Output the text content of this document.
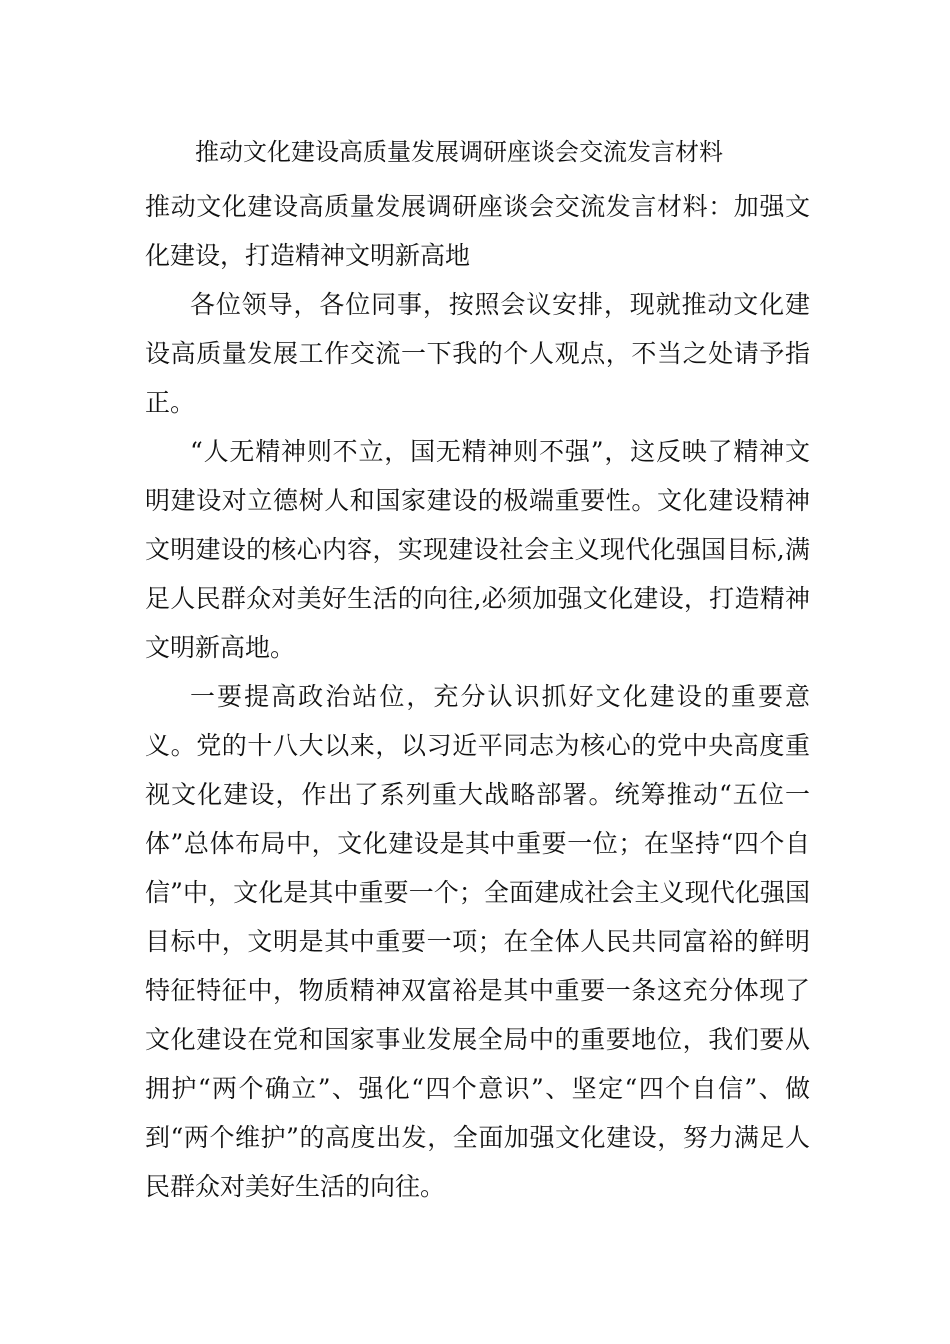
推动文化建设高质量发展调研座谈会交流发言材料

推动文化建设高质量发展调研座谈会交流发言材料：加强文化建设，打造精神文明新高地

各位领导，各位同事，按照会议安排，现就推动文化建设高质量发展工作交流一下我的个人观点，不当之处请予指正。

“人无精神则不立，国无精神则不强”，这反映了精神文明建设对立德树人和国家建设的极端重要性。文化建设精神文明建设的核心内容，实现建设社会主义现代化强国目标,满足人民群众对美好生活的向往,必须加强文化建设，打造精神文明新高地。

一要提高政治站位，充分认识抓好文化建设的重要意义。党的十八大以来，以习近平同志为核心的党中央高度重视文化建设，作出了系列重大战略部署。统筹推动“五位一体”总体布局中，文化建设是其中重要一位；在坚持“四个自信”中，文化是其中重要一个；全面建成社会主义现代化强国目标中，文明是其中重要一项；在全体人民共同富裕的鲜明特征特征中，物质精神双富裕是其中重要一条这充分体现了文化建设在党和国家事业发展全局中的重要地位，我们要从拥护“两个确立”、强化“四个意识”、坚定“四个自信”、做到“两个维护”的高度出发，全面加强文化建设，努力满足人民群众对美好生活的向往。
